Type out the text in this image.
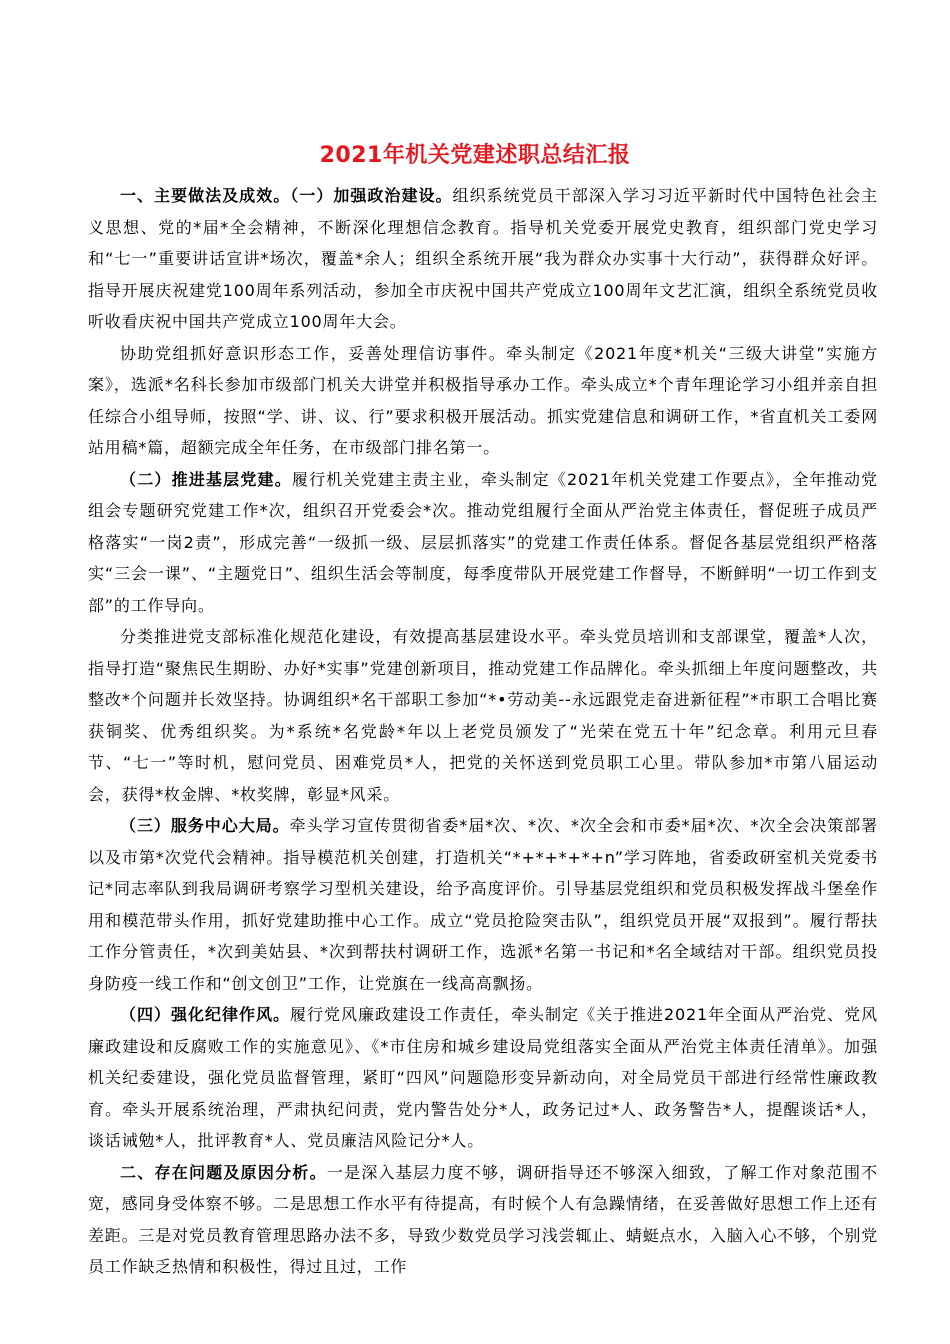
2021年机关党建述职总结汇报

一、主要做法及成效。（一）加强政治建设。组织系统党员干部深入学习习近平新时代中国特色社会主义思想、党的*届*全会精神，不断深化理想信念教育。指导机关党委开展党史教育，组织部门党史学习和“七一”重要讲话宣讲*场次，覆盖*余人；组织全系统开展“我为群众办实事十大行动”，获得群众好评。指导开展庆祝建党100周年系列活动，参加全市庆祝中国共产党成立100周年文艺汇演，组织全系统党员收听收看庆祝中国共产党成立100周年大会。

协助党组抓好意识形态工作，妥善处理信访事件。牵头制定《2021年度*机关“三级大讲堂”实施方案》，选派*名科长参加市级部门机关大讲堂并积极指导承办工作。牵头成立*个青年理论学习小组并亲自担任综合小组导师，按照“学、讲、议、行”要求积极开展活动。抓实党建信息和调研工作，*省直机关工委网站用稿*篇，超额完成全年任务，在市级部门排名第一。

（二）推进基层党建。履行机关党建主责主业，牵头制定《2021年机关党建工作要点》，全年推动党组会专题研究党建工作*次，组织召开党委会*次。推动党组履行全面从严治党主体责任，督促班子成员严格落实“一岗2责”，形成完善“一级抓一级、层层抓落实”的党建工作责任体系。督促各基层党组织严格落实“三会一课”、“主题党日”、组织生活会等制度，每季度带队开展党建工作督导，不断鲜明“一切工作到支部”的工作导向。

分类推进党支部标准化规范化建设，有效提高基层建设水平。牵头党员培训和支部课堂，覆盖*人次，指导打造“聚焦民生期盼、办好*实事”党建创新项目，推动党建工作品牌化。牵头抓细上年度问题整改，共整改*个问题并长效坚持。协调组织*名干部职工参加“*•劳动美--永远跟党走奋进新征程”*市职工合唱比赛获铜奖、优秀组织奖。为*系统*名党龄*年以上老党员颁发了“光荣在党五十年”纪念章。利用元旦春节、“七一”等时机，慰问党员、困难党员*人，把党的关怀送到党员职工心里。带队参加*市第八届运动会，获得*枚金牌、*枚奖牌，彰显*风采。

（三）服务中心大局。牵头学习宣传贯彻省委*届*次、*次、*次全会和市委*届*次、*次全会决策部署以及市第*次党代会精神。指导模范机关创建，打造机关“*+*+*+*+n”学习阵地，省委政研室机关党委书记*同志率队到我局调研考察学习型机关建设，给予高度评价。引导基层党组织和党员积极发挥战斗堡垒作用和模范带头作用，抓好党建助推中心工作。成立“党员抢险突击队”，组织党员开展“双报到”。履行帮扶工作分管责任，*次到美姑县、*次到帮扶村调研工作，选派*名第一书记和*名全域结对干部。组织党员投身防疫一线工作和“创文创卫”工作，让党旗在一线高高飘扬。

（四）强化纪律作风。履行党风廉政建设工作责任，牵头制定《关于推进2021年全面从严治党、党风廉政建设和反腐败工作的实施意见》、《*市住房和城乡建设局党组落实全面从严治党主体责任清单》。加强机关纪委建设，强化党员监督管理，紧盯“四风”问题隐形变异新动向，对全局党员干部进行经常性廉政教育。牵头开展系统治理，严肃执纪问责，党内警告处分*人，政务记过*人、政务警告*人，提醒谈话*人，谈话诫勉*人，批评教育*人、党员廉洁风险记分*人。

二、存在问题及原因分析。一是深入基层力度不够，调研指导还不够深入细致，了解工作对象范围不宽，感同身受体察不够。二是思想工作水平有待提高，有时候个人有急躁情绪，在妥善做好思想工作上还有差距。三是对党员教育管理思路办法不多，导致少数党员学习浅尝辄止、蜻蜓点水，入脑入心不够，个别党员工作缺乏热情和积极性，得过且过，工作
